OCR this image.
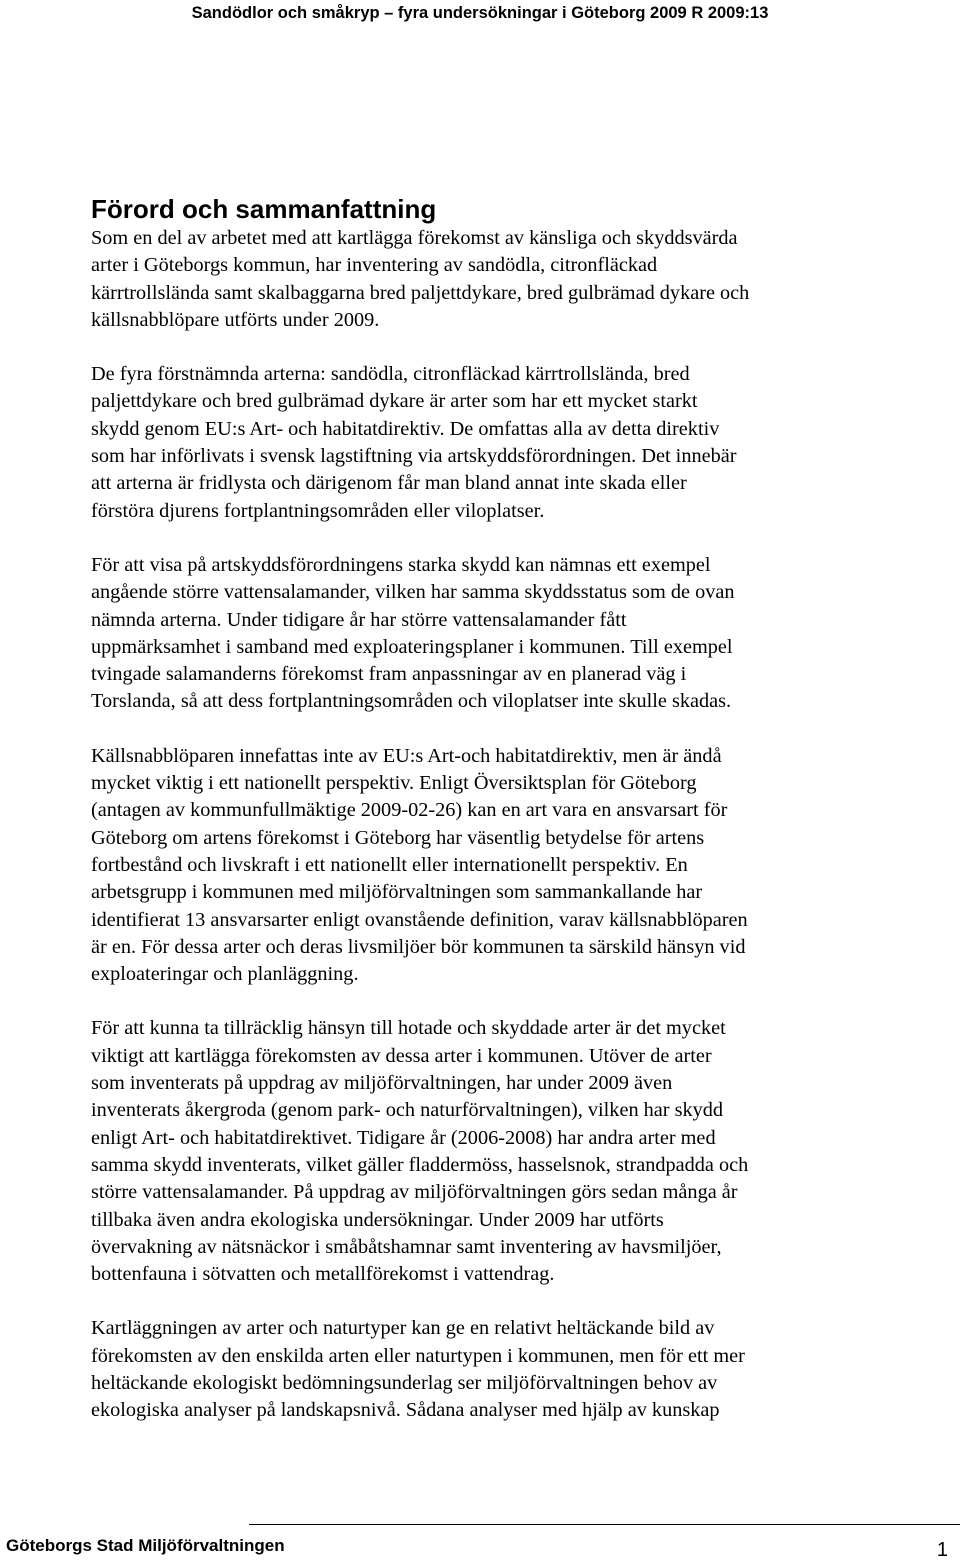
Sandödlor och småkryp – fyra undersökningar i Göteborg 2009 R 2009:13
Förord och sammanfattning

Som en del av arbetet med att kartlägga förekomst av känsliga och skyddsvärda
arter i Göteborgs kommun, har inventering av sandödla, citronfläckad
kärrtrollslända samt skalbaggarna bred paljettdykare, bred gulbrämad dykare och
källsnabblöpare utförts under 2009.

De fyra förstnämnda arterna: sandödla, citronfläckad kärrtrollslända, bred
paljettdykare och bred gulbrämad dykare är arter som har ett mycket starkt
skydd genom EU:s Art- och habitatdirektiv. De omfattas alla av detta direktiv
som har införlivats i svensk lagstiftning via artskyddsförordningen. Det innebär
att arterna är fridlysta och därigenom får man bland annat inte skada eller
förstöra djurens fortplantningsområden eller viloplatser.

För att visa på artskyddsförordningens starka skydd kan nämnas ett exempel
angående större vattensalamander, vilken har samma skyddsstatus som de ovan
nämnda arterna. Under tidigare år har större vattensalamander fått
uppmärksamhet i samband med exploateringsplaner i kommunen. Till exempel
tvingade salamanderns förekomst fram anpassningar av en planerad väg i
Torslanda, så att dess fortplantningsområden och viloplatser inte skulle skadas.

Källsnabblöparen innefattas inte av EU:s Art-och habitatdirektiv, men är ändå
mycket viktig i ett nationellt perspektiv. Enligt Översiktsplan för Göteborg
(antagen av kommunfullmäktige 2009-02-26) kan en art vara en ansvarsart för
Göteborg om artens förekomst i Göteborg har väsentlig betydelse för artens
fortbestånd och livskraft i ett nationellt eller internationellt perspektiv. En
arbetsgrupp i kommunen med miljöförvaltningen som sammankallande har
identifierat 13 ansvarsarter enligt ovanstående definition, varav källsnabblöparen
är en. För dessa arter och deras livsmiljöer bör kommunen ta särskild hänsyn vid
exploateringar och planläggning.

För att kunna ta tillräcklig hänsyn till hotade och skyddade arter är det mycket
viktigt att kartlägga förekomsten av dessa arter i kommunen. Utöver de arter
som inventerats på uppdrag av miljöförvaltningen, har under 2009 även
inventerats åkergroda (genom park- och naturförvaltningen), vilken har skydd
enligt Art- och habitatdirektivet. Tidigare år (2006-2008) har andra arter med
samma skydd inventerats, vilket gäller fladdermöss, hasselsnok, strandpadda och
större vattensalamander. På uppdrag av miljöförvaltningen görs sedan många år
tillbaka även andra ekologiska undersökningar. Under 2009 har utförts
övervakning av nätsnäckor i småbåtshamnar samt inventering av havsmiljöer,
bottenfauna i sötvatten och metallförekomst i vattendrag.

Kartläggningen av arter och naturtyper kan ge en relativt heltäckande bild av
förekomsten av den enskilda arten eller naturtypen i kommunen, men för ett mer
heltäckande ekologiskt bedömningsunderlag ser miljöförvaltningen behov av
ekologiska analyser på landskapsnivå. Sådana analyser med hjälp av kunskap

Göteborgs Stad Miljöförvaltningen	1
